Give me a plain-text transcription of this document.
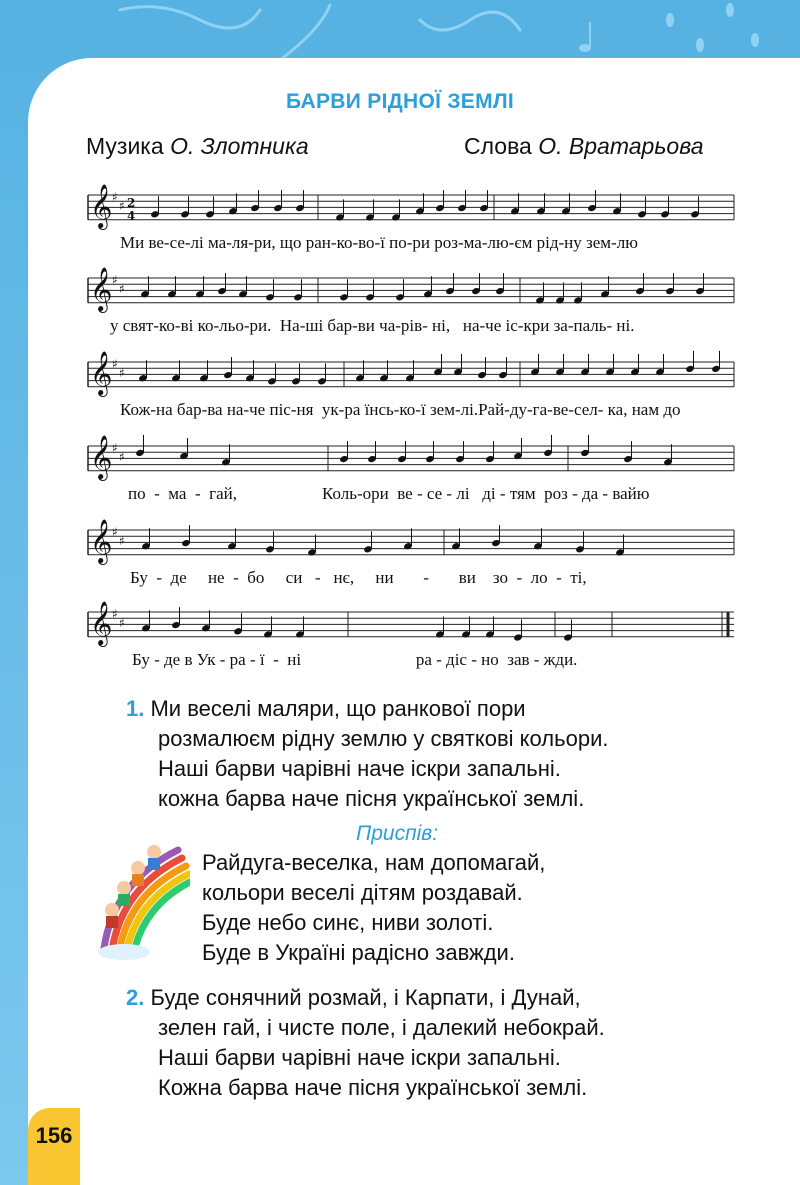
БАРВИ РІДНОЇ ЗЕМЛІ
Музика О. Злотника	Слова О. Вратарьова
𝄞 ♯
♯ 2
4
𝄞 ♯
♯
𝄞 ♯
♯
𝄞 ♯
♯
𝄞 ♯
♯
𝄞 ♯
♯
Ми ве-се-лі ма-ля-ри, що ран-ко-во-ї по-ри роз-ма-лю-єм рід-ну зем-лю
у свят-ко-ві ко-льо-ри.  На-ші бар-ви ча-рів- ні,   на-че іс-кри за-паль- ні.
Кож-на бар-ва на-че піс-ня  ук-ра їнсь-ко-ї зем-лі.Рай-ду-га-ве-сел- ка, нам до
по  -  ма  -  гай,                    Коль-ори  ве - се - лі   ді - тям  роз - да - вайю
Бу  -  де     не  -  бо     си   -   нє,     ни       -       ви    зо  -  ло  -  ті,
Бу - де в Ук - ра - ї  -  ні                           ра - діс - но  зав - жди.
1. Ми веселі маляри, що ранкової пори
розмалюєм рідну землю у святкові кольори.
Наші барви чарівні наче іскри запальні.
кожна барва наче пісня української землі.
Приспів:
Райдуга-веселка, нам допомагай,
кольори веселі дітям роздавай.
Буде небо синє, ниви золоті.
Буде в Україні радісно завжди.
2. Буде сонячний розмай, і Карпати, і Дунай,
зелен гай, і чисте поле, і далекий небокрай.
Наші барви чарівні наче іскри запальні.
Кожна барва наче пісня української землі.
156
